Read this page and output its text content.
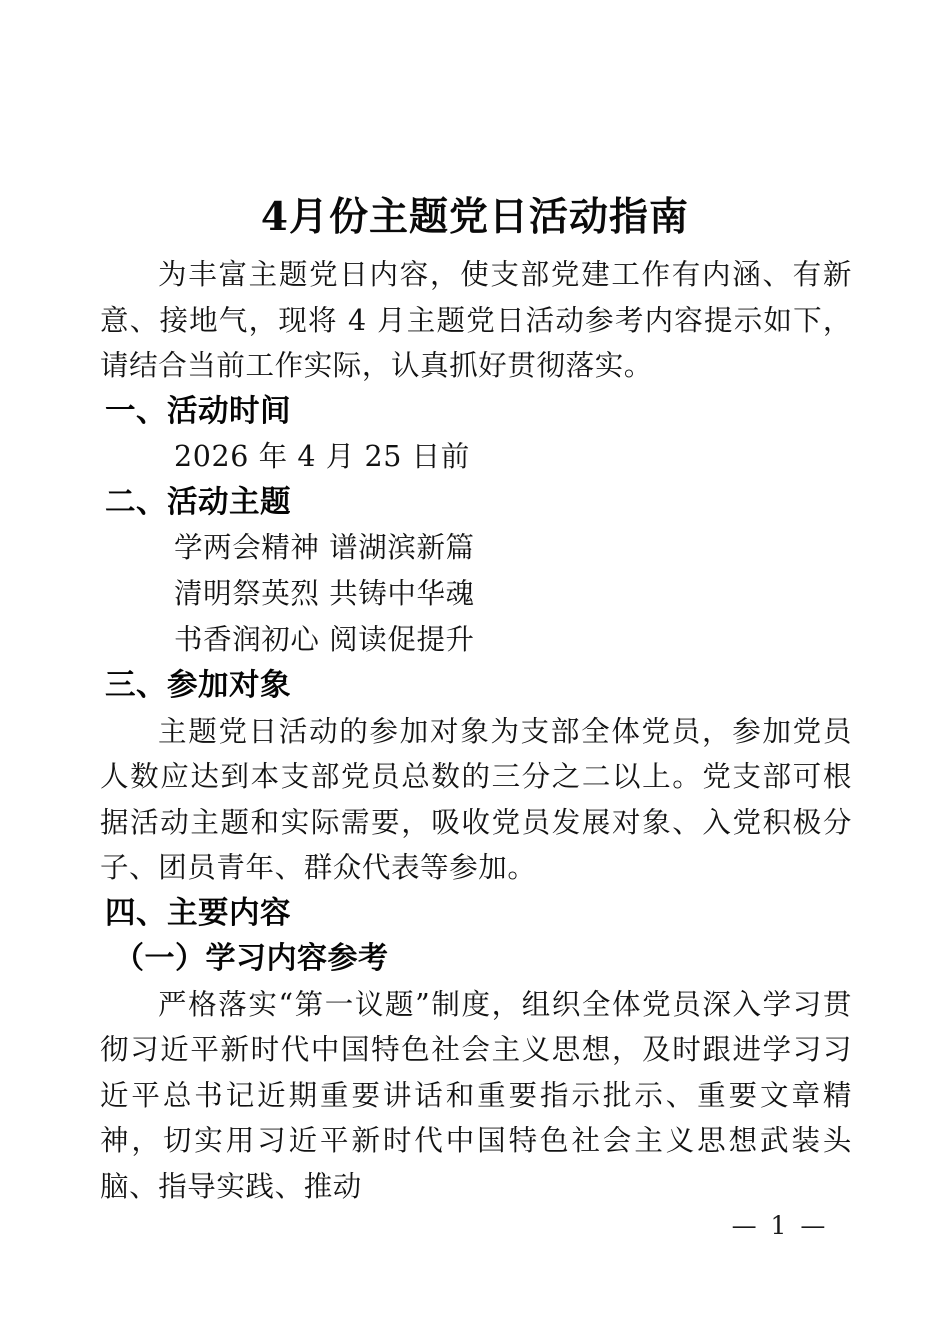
4月份主题党日活动指南

为丰富主题党日内容，使支部党建工作有内涵、有新意、接地气，现将 4 月主题党日活动参考内容提示如下，请结合当前工作实际，认真抓好贯彻落实。

一、活动时间

2026 年 4 月 25 日前

二、活动主题

学两会精神 谱湖滨新篇

清明祭英烈 共铸中华魂

书香润初心 阅读促提升

三、参加对象

主题党日活动的参加对象为支部全体党员，参加党员人数应达到本支部党员总数的三分之二以上。党支部可根据活动主题和实际需要，吸收党员发展对象、入党积极分子、团员青年、群众代表等参加。

四、主要内容
（一）学习内容参考

严格落实“第一议题”制度，组织全体党员深入学习贯彻习近平新时代中国特色社会主义思想，及时跟进学习习近平总书记近期重要讲话和重要指示批示、重要文章精神，切实用习近平新时代中国特色社会主义思想武装头脑、指导实践、推动

— 1 —
